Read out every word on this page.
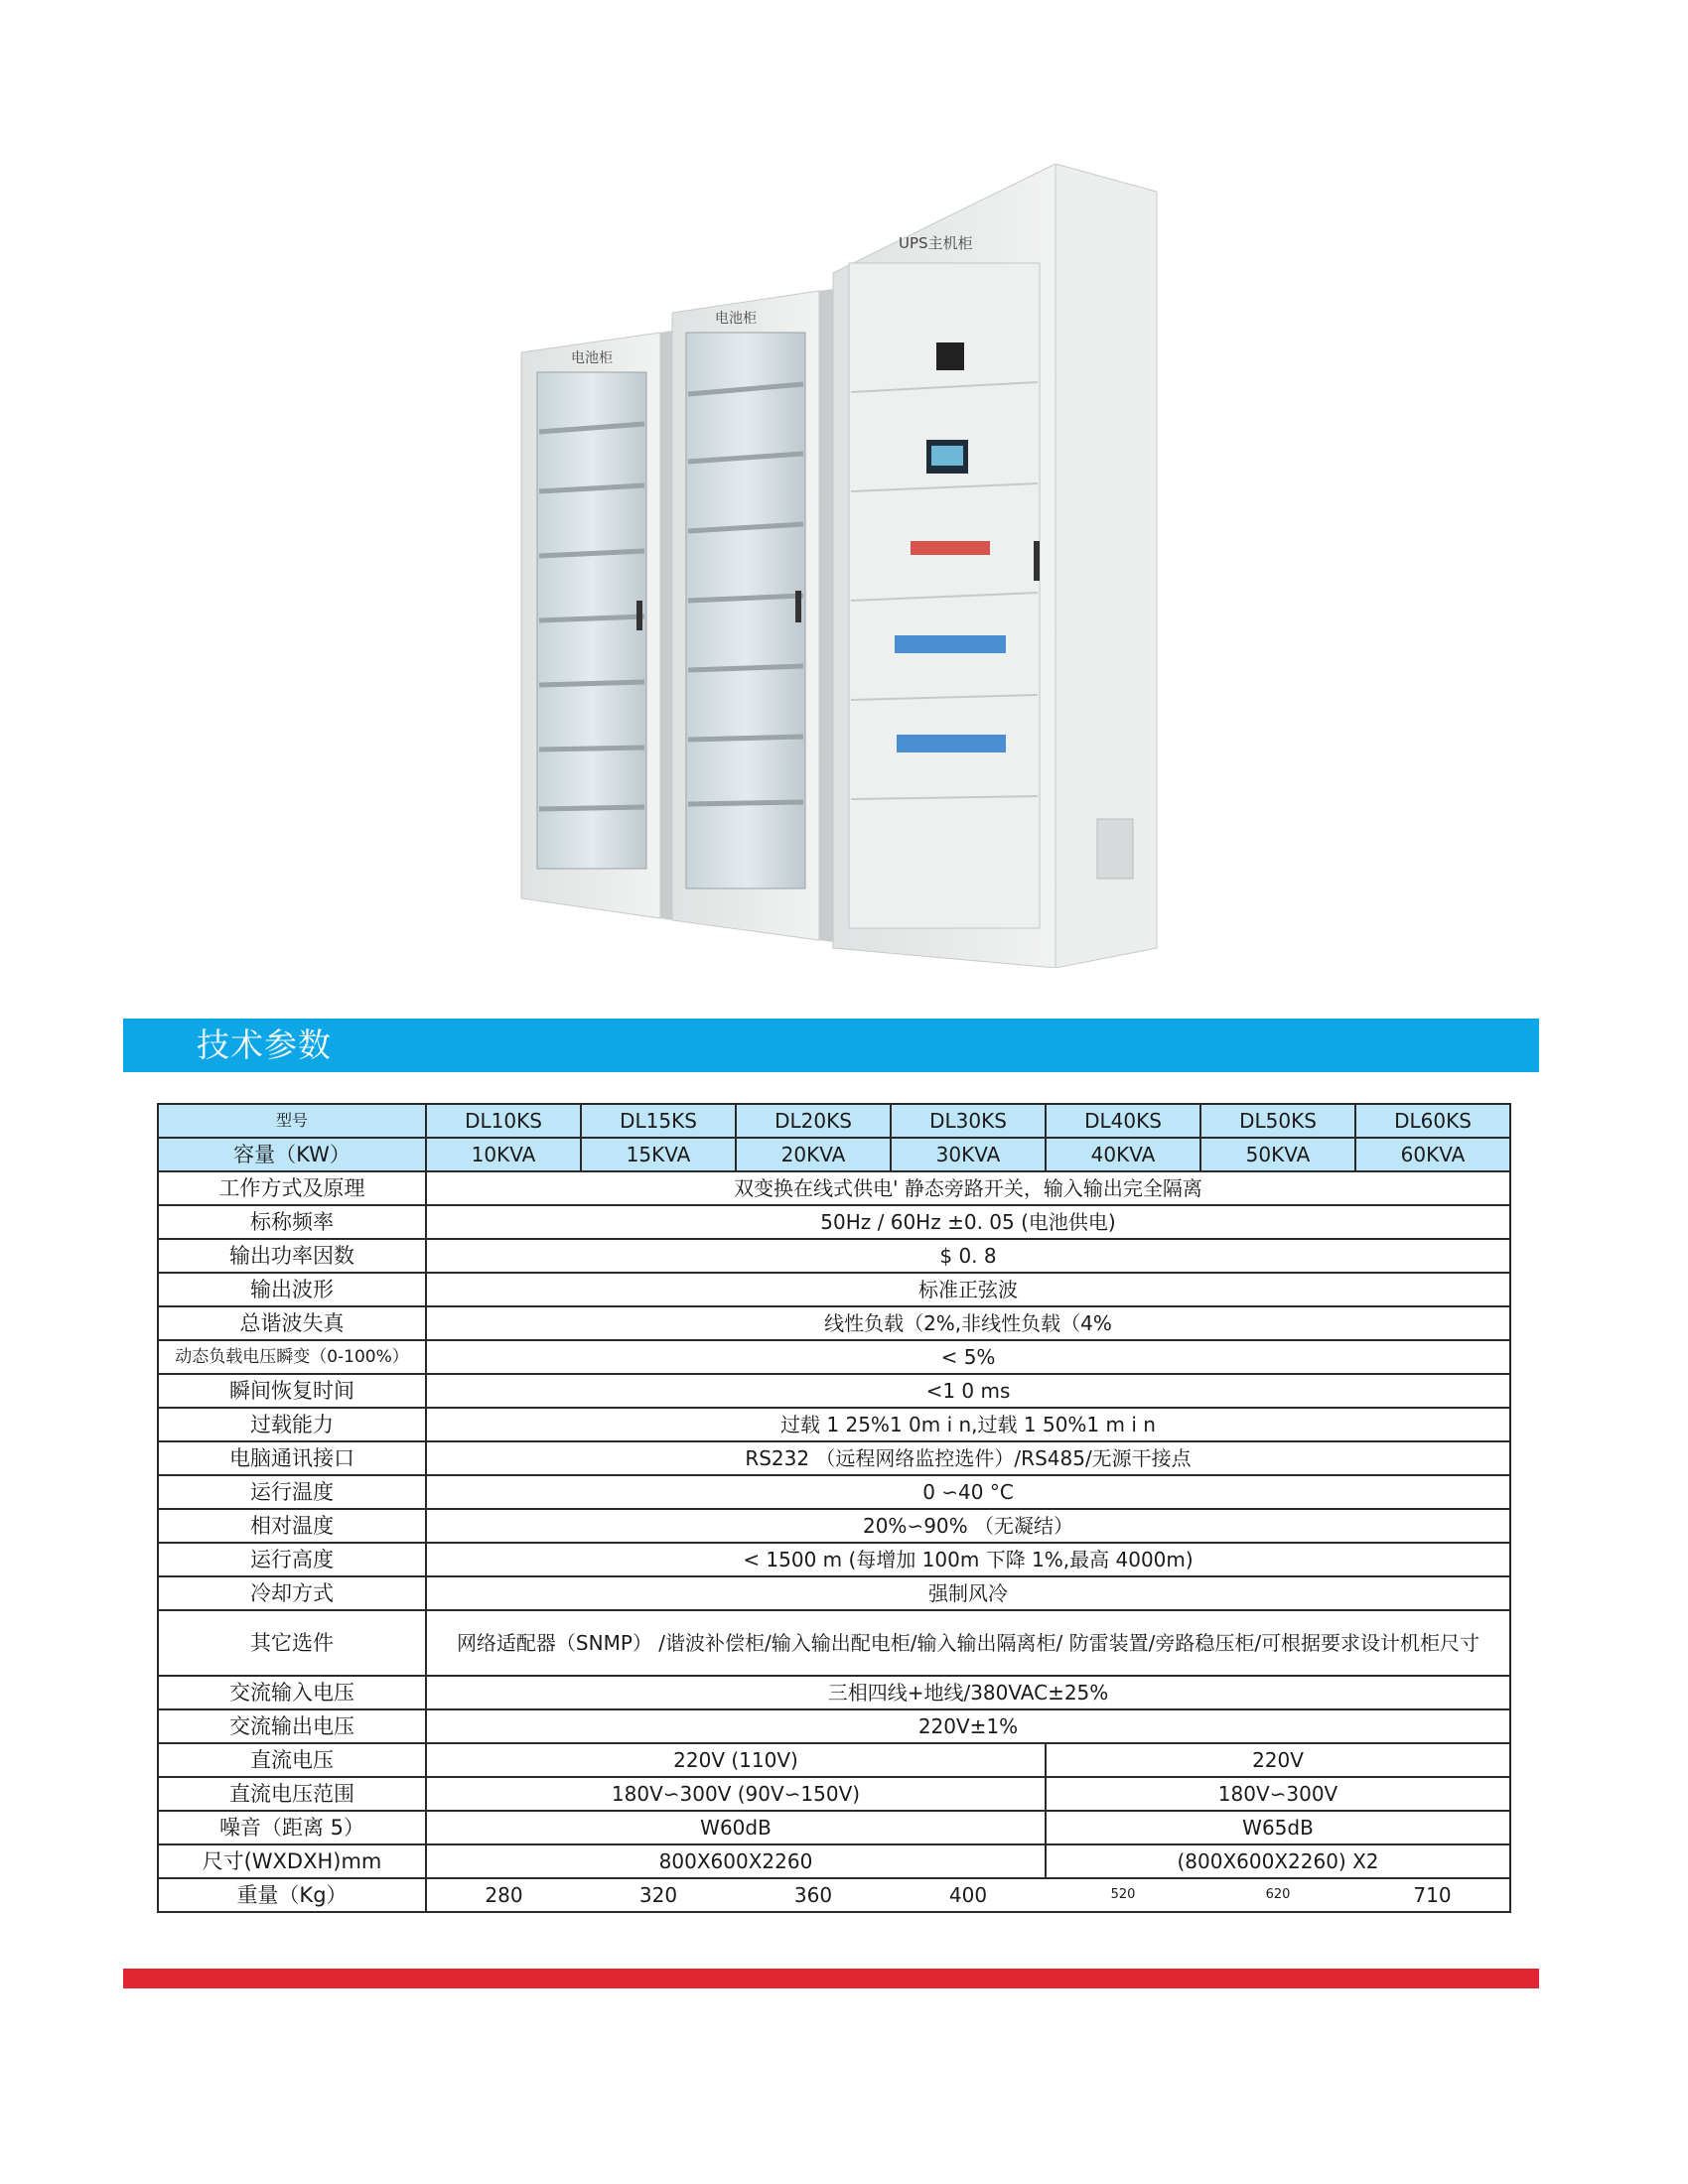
电池柜
电池柜
UPS主机柜
技术参数
型号	DL10KS	DL15KS	DL20KS	DL30KS	DL40KS	DL50KS	DL60KS
容量（KW）	10KVA	15KVA	20KVA	30KVA	40KVA	50KVA	60KVA
工作方式及原理	双变换在线式供电' 静态旁路开关，输入输出完全隔离						
标称频率	50Hz / 60Hz ±0. 05 (电池供电)						
输出功率因数	$ 0. 8						
输出波形	标准正弦波						
总谐波失真	线性负载（2%,非线性负载（4%						
动态负载电压瞬变（0-100%）	< 5%						
瞬间恢复时间	<1 0 ms						
过载能力	过载 1 25%1 0m i n,过载 1 50%1 m i n						
电脑通讯接口	RS232 （远程网络监控选件）/RS485/无源干接点						
运行温度	0 ∽40 °C						
相对温度	20%∽90% （无凝结）						
运行高度	< 1500 m (每增加 100m 下降 1%,最高 4000m)						
冷却方式	强制风冷						
其它选件	网络适配器（SNMP） /谐波补偿柜/输入输出配电柜/输入输出隔离柜/ 防雷装置/旁路稳压柜/可根据要求设计机柜尺寸						
交流输入电压	三相四线+地线/380VAC±25%						
交流输出电压	220V±1%						
直流电压	220V (110V)				220V		
直流电压范围	180V∽300V (90V∽150V)				180V∽300V		
噪音（距离 5）	W60dB				W65dB		
尺寸(WXDXH)mm	800X600X2260				(800X600X2260) X2		
重量（Kg）	280	320	360	400	520	620	710
